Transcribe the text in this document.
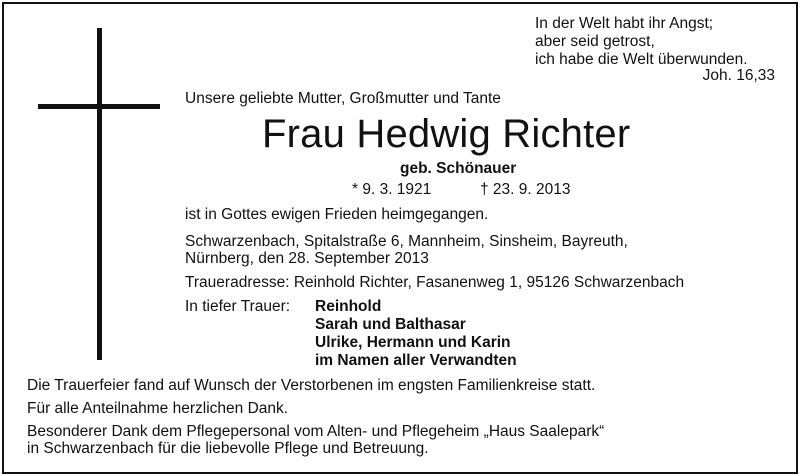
In der Welt habt ihr Angst;
aber seid getrost,
ich habe die Welt überwunden.
Joh. 16,33
Unsere geliebte Mutter, Großmutter und Tante
Frau Hedwig Richter
geb. Schönauer
* 9. 3. 1921	† 23. 9. 2013
ist in Gottes ewigen Frieden heimgegangen.
Schwarzenbach, Spitalstraße 6, Mannheim, Sinsheim, Bayreuth,
Nürnberg, den 28. September 2013
Traueradresse: Reinhold Richter, Fasanenweg 1, 95126 Schwarzenbach
In tiefer Trauer: Reinhold
Sarah und Balthasar
Ulrike, Hermann und Karin
im Namen aller Verwandten
Die Trauerfeier fand auf Wunsch der Verstorbenen im engsten Familienkreise statt.
Für alle Anteilnahme herzlichen Dank.
Besonderer Dank dem Pflegepersonal vom Alten- und Pflegeheim „Haus Saalepark“
in Schwarzenbach für die liebevolle Pflege und Betreuung.
